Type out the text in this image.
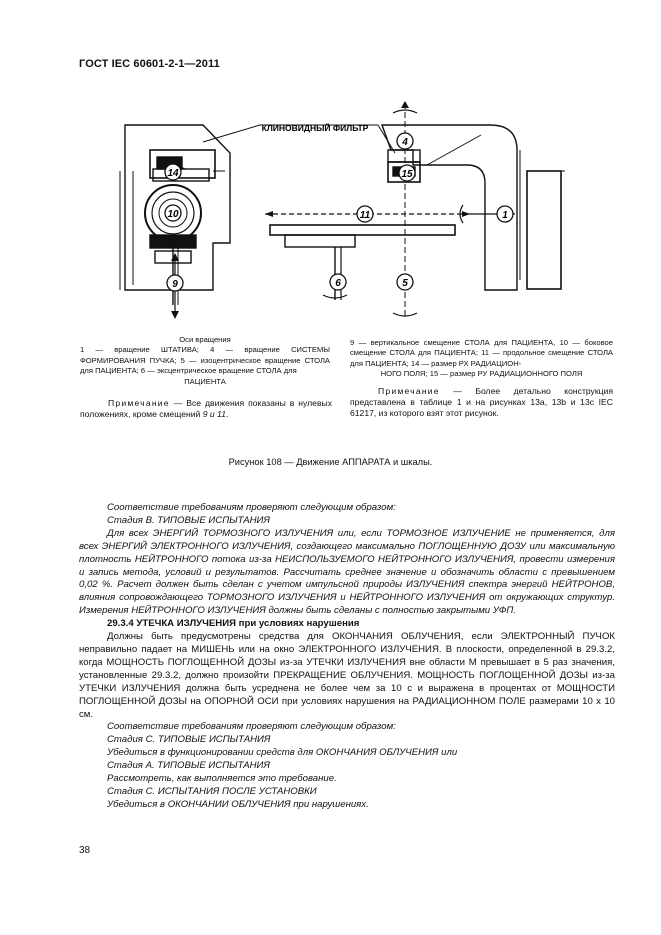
ГОСТ IEC 60601-2-1—2011
14
10
9
4
15
11	1
6	5
КЛИНОВИДНЫЙ ФИЛЬТР
Оси вращения
1 — вращение ШТАТИВА; 4 — вращение СИСТЕМЫ ФОРМИРОВАНИЯ ПУЧКА; 5 — изоцентрическое вращение СТОЛА для ПАЦИЕНТА; 6 — эксцентрическое вращение СТОЛА для
ПАЦИЕНТА
9 — вертикальное смещение СТОЛА для ПАЦИЕНТА, 10 — боковое смещение СТОЛА для ПАЦИЕНТА; 11 — продольное смещение СТОЛА для ПАЦИЕНТА; 14 — размер РХ РАДИАЦИОН-
НОГО ПОЛЯ; 15 — размер РУ РАДИАЦИОННОГО ПОЛЯ
Примечание — Все движения показаны в нулевых положениях, кроме смещений 9 и 11.
Примечание — Более детально конструкция представлена в таблице 1 и на рисунках 13а, 13b и 13с IEC 61217, из которого взят этот рисунок.
Рисунок 108 — Движение АППАРАТА и шкалы.

Соответствие требованиям проверяют следующим образом:

Стадия В. ТИПОВЫЕ ИСПЫТАНИЯ

Для всех ЭНЕРГИЙ ТОРМОЗНОГО ИЗЛУЧЕНИЯ или, если ТОРМОЗНОЕ ИЗЛУЧЕНИЕ не применяется, для всех ЭНЕРГИЙ ЭЛЕКТРОННОГО ИЗЛУЧЕНИЯ, создающего максимально ПОГЛОЩЕННУЮ ДОЗУ или максимальную плотность НЕЙТРОННОГО потока из-за НЕИСПОЛЬЗУЕМОГО НЕЙТРОННОГО ИЗЛУЧЕНИЯ, провести измерения и запись метода, условий и результатов. Рассчитать среднее значение и обозначить области с превышением 0,02 %. Расчет должен быть сделан с учетом импульсной природы ИЗЛУЧЕНИЯ спектра энергий НЕЙТРОНОВ, влияния сопровождающего ТОРМОЗНОГО ИЗЛУЧЕНИЯ и НЕЙТРОННОГО ИЗЛУЧЕНИЯ от окружающих структур. Измерения НЕЙТРОННОГО ИЗЛУЧЕНИЯ должны быть сделаны с полностью закрытыми УФП.

29.3.4 УТЕЧКА ИЗЛУЧЕНИЯ при условиях нарушения

Должны быть предусмотрены средства для ОКОНЧАНИЯ ОБЛУЧЕНИЯ, если ЭЛЕКТРОННЫЙ ПУЧОК неправильно падает на МИШЕНЬ или на окно ЭЛЕКТРОННОГО ИЗЛУЧЕНИЯ. В плоскости, определенной в 29.3.2, когда МОЩНОСТЬ ПОГЛОЩЕННОЙ ДОЗЫ из-за УТЕЧКИ ИЗЛУЧЕНИЯ вне области М превышает в 5 раз значения, установленные 29.3.2, должно произойти ПРЕКРАЩЕНИЕ ОБЛУЧЕНИЯ. МОЩНОСТЬ ПОГЛОЩЕННОЙ ДОЗЫ из-за УТЕЧКИ ИЗЛУЧЕНИЯ должна быть усреднена не более чем за 10 с и выражена в процентах от МОЩНОСТИ ПОГЛОЩЕННОЙ ДОЗЫ на ОПОРНОЙ ОСИ при условиях нарушения на РАДИАЦИОННОМ ПОЛЕ размерами 10 х 10 см.

Соответствие требованиям проверяют следующим образом:

Стадия С. ТИПОВЫЕ ИСПЫТАНИЯ

Убедиться в функционировании средств для ОКОНЧАНИЯ ОБЛУЧЕНИЯ или

Стадия А. ТИПОВЫЕ ИСПЫТАНИЯ

Рассмотреть, как выполняется это требование.

Стадия С. ИСПЫТАНИЯ ПОСЛЕ УСТАНОВКИ

Убедиться в ОКОНЧАНИИ ОБЛУЧЕНИЯ при нарушениях.

38
